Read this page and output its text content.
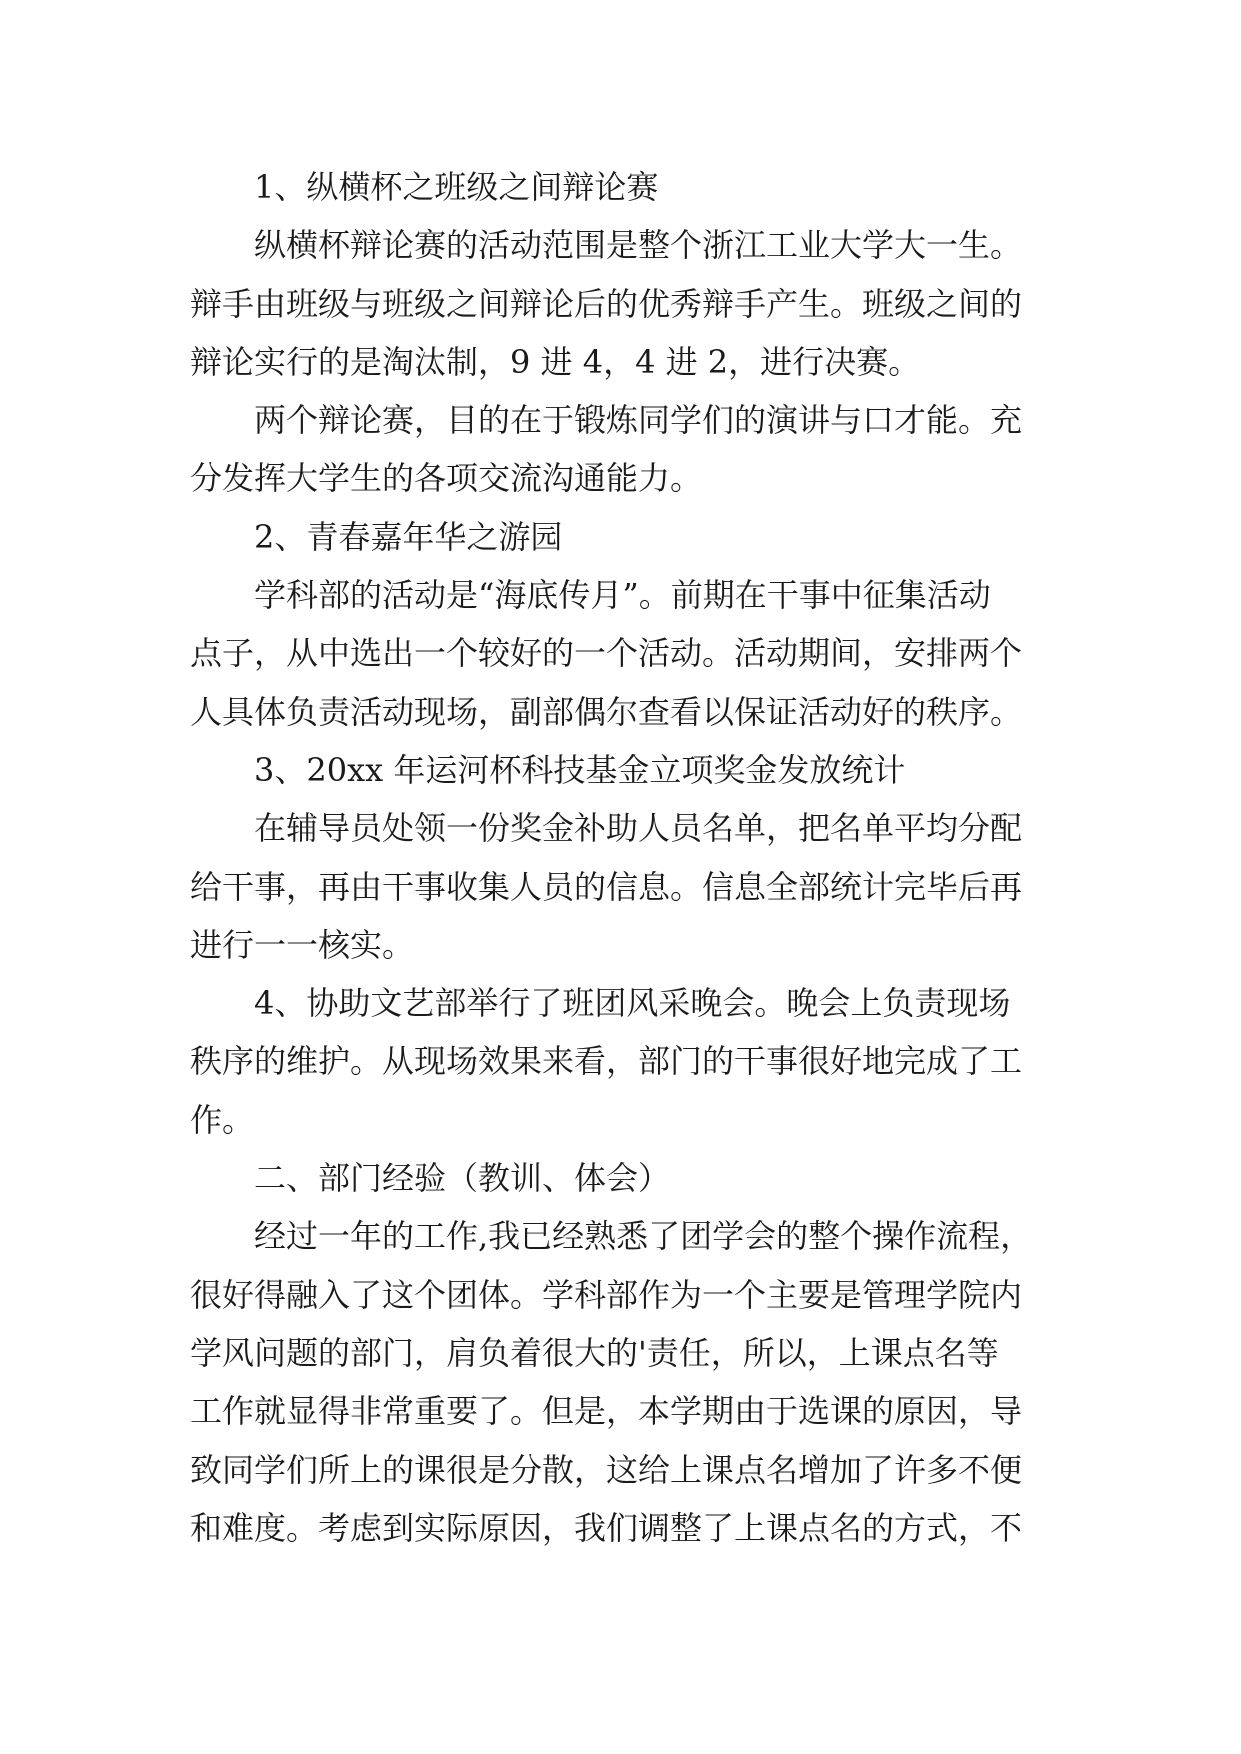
1、纵横杯之班级之间辩论赛

纵横杯辩论赛的活动范围是整个浙江工业大学大一生。
辩手由班级与班级之间辩论后的优秀辩手产生。班级之间的
辩论实行的是淘汰制，9 进 4，4 进 2，进行决赛。

两个辩论赛，目的在于锻炼同学们的演讲与口才能。充
分发挥大学生的各项交流沟通能力。

2、青春嘉年华之游园

学科部的活动是“海底传月”。前期在干事中征集活动
点子，从中选出一个较好的一个活动。活动期间，安排两个
人具体负责活动现场，副部偶尔查看以保证活动好的秩序。

3、20xx 年运河杯科技基金立项奖金发放统计

在辅导员处领一份奖金补助人员名单，把名单平均分配
给干事，再由干事收集人员的信息。信息全部统计完毕后再
进行一一核实。

4、协助文艺部举行了班团风采晚会。晚会上负责现场
秩序的维护。从现场效果来看，部门的干事很好地完成了工
作。

二、部门经验（教训、体会）

经过一年的工作,我已经熟悉了团学会的整个操作流程，
很好得融入了这个团体。学科部作为一个主要是管理学院内
学风问题的部门，肩负着很大的'责任，所以，上课点名等
工作就显得非常重要了。但是，本学期由于选课的原因，导
致同学们所上的课很是分散，这给上课点名增加了许多不便
和难度。考虑到实际原因，我们调整了上课点名的方式，不
